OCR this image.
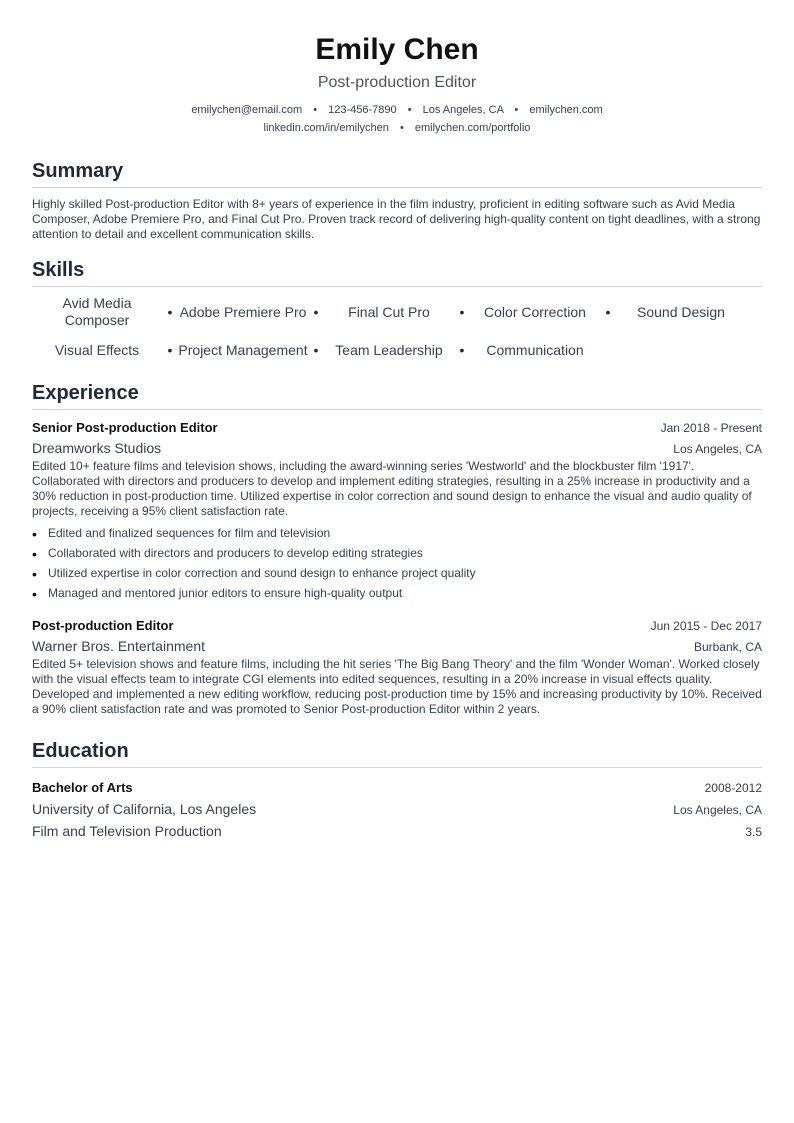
Emily Chen
Post-production Editor
emilychen@email.com • 123-456-7890 • Los Angeles, CA • emilychen.com
linkedin.com/in/emilychen • emilychen.com/portfolio
Summary
Highly skilled Post-production Editor with 8+ years of experience in the film industry, proficient in editing software such as Avid Media Composer, Adobe Premiere Pro, and Final Cut Pro. Proven track record of delivering high-quality content on tight deadlines, with a strong attention to detail and excellent communication skills.
Skills
Avid Media Composer	• Adobe Premiere Pro •	Final Cut Pro	•	Color Correction	•	Sound Design
Visual Effects	• Project Management •	Team Leadership	•	Communication
Experience
Senior Post-production Editor	Jan 2018 - Present
Dreamworks Studios	Los Angeles, CA
Edited 10+ feature films and television shows, including the award-winning series 'Westworld' and the blockbuster film '1917'. Collaborated with directors and producers to develop and implement editing strategies, resulting in a 25% increase in productivity and a 30% reduction in post-production time. Utilized expertise in color correction and sound design to enhance the visual and audio quality of projects, receiving a 95% client satisfaction rate.
• Edited and finalized sequences for film and television
• Collaborated with directors and producers to develop editing strategies
• Utilized expertise in color correction and sound design to enhance project quality
• Managed and mentored junior editors to ensure high-quality output
Post-production Editor	Jun 2015 - Dec 2017
Warner Bros. Entertainment	Burbank, CA
Edited 5+ television shows and feature films, including the hit series 'The Big Bang Theory' and the film 'Wonder Woman'. Worked closely with the visual effects team to integrate CGI elements into edited sequences, resulting in a 20% increase in visual effects quality. Developed and implemented a new editing workflow, reducing post-production time by 15% and increasing productivity by 10%. Received a 90% client satisfaction rate and was promoted to Senior Post-production Editor within 2 years.
Education
Bachelor of Arts	2008-2012
University of California, Los Angeles	Los Angeles, CA
Film and Television Production	3.5
